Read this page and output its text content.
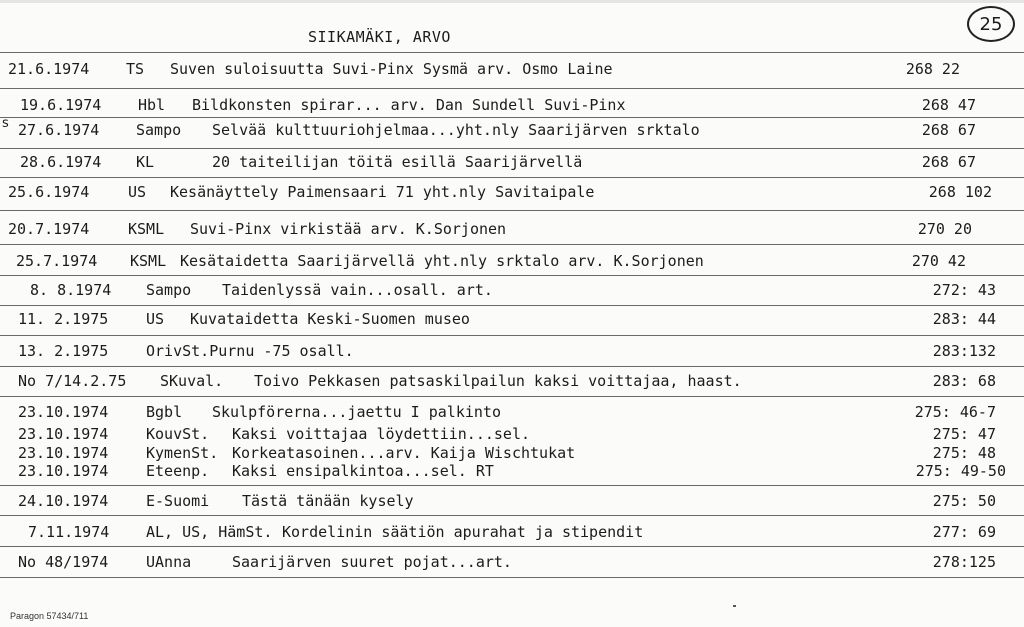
SIIKAMÄKI, ARVO
25
s
21.6.1974 TS Suven suloisuutta Suvi-Pinx Sysmä arv. Osmo Laine	268 22
19.6.1974 Hbl Bildkonsten spirar... arv. Dan Sundell Suvi-Pinx	268 47
27.6.1974 Sampo Selvää kulttuuriohjelmaa...yht.nly Saarijärven srktalo	268 67
28.6.1974 KL	20 taiteilijan töitä esillä Saarijärvellä	268 67
25.6.1974	US Kesänäyttely Paimensaari 71 yht.nly Savitaipale	268 102
20.7.1974	KSML Suvi-Pinx virkistää arv. K.Sorjonen	270 20
25.7.1974 KSML Kesätaidetta Saarijärvellä yht.nly srktalo arv. K.Sorjonen	270 42
8. 8.1974 Sampo Taidenlyssä vain...osall. art.	272: 43
11. 2.1975	US Kuvataidetta Keski-Suomen museo	283: 44
13. 2.1975	OrivSt.Purnu -75 osall.	283:132
No 7/14.2.75 SKuval. Toivo Pekkasen patsaskilpailun kaksi voittajaa, haast.	283: 68
23.10.1974	Bgbl Skulpförerna...jaettu I palkinto	275: 46-7
23.10.1974	KouvSt. Kaksi voittajaa löydettiin...sel.	275: 47
23.10.1974	KymenSt. Korkeatasoinen...arv. Kaija Wischtukat	275: 48
23.10.1974	Eteenp. Kaksi ensipalkintoa...sel. RT	275: 49-50
24.10.1974	E-Suomi Tästä tänään kysely	275: 50
7.11.1974 AL, US, HämSt. Kordelinin säätiön apurahat ja stipendit	277: 69
No 48/1974	UAnna	Saarijärven suuret pojat...art.	278:125
Paragon 57434/711
